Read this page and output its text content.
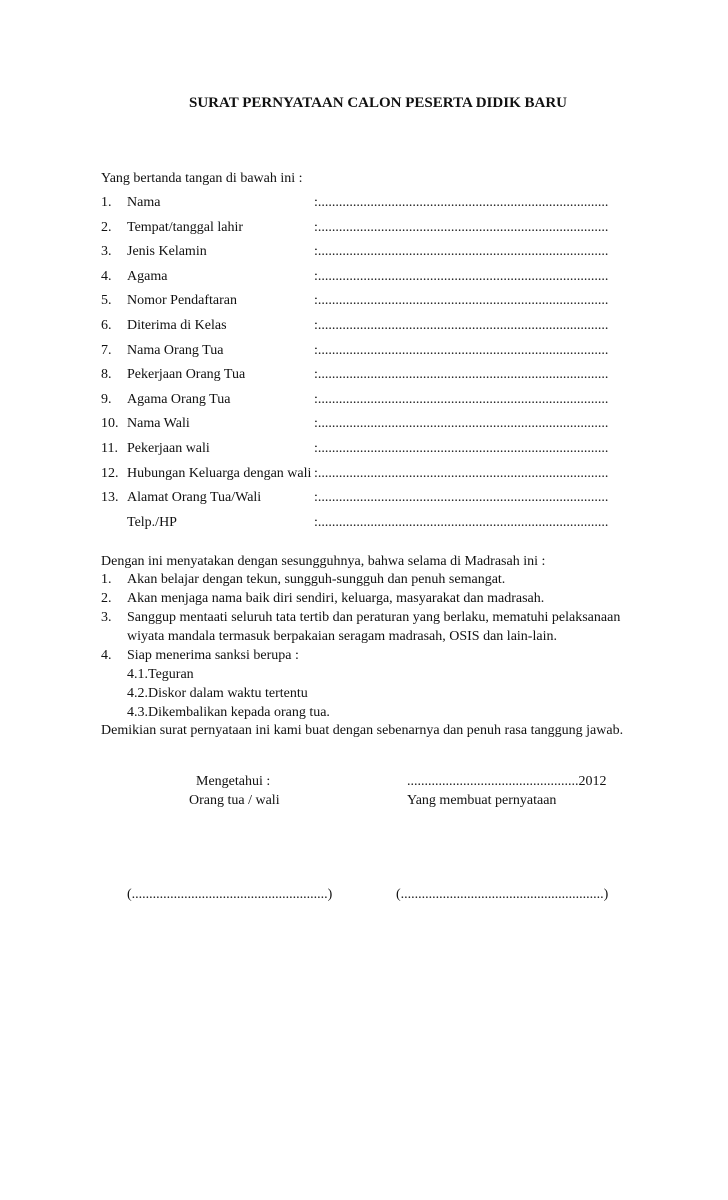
SURAT PERNYATAAN CALON PESERTA DIDIK BARU
Yang bertanda tangan di bawah ini :
1. Nama	:...................................................................................
2. Tempat/tanggal lahir	:...................................................................................
3. Jenis Kelamin	:...................................................................................
4. Agama	:...................................................................................
5. Nomor Pendaftaran	:...................................................................................
6. Diterima di Kelas	:...................................................................................
7. Nama Orang Tua	:...................................................................................
8. Pekerjaan Orang Tua	:...................................................................................
9. Agama Orang Tua	:...................................................................................
10. Nama Wali	:...................................................................................
11. Pekerjaan wali	:...................................................................................
12. Hubungan Keluarga dengan wali :...................................................................................
13. Alamat Orang Tua/Wali	:...................................................................................
Telp./HP	:...................................................................................
Dengan ini menyatakan dengan sesungguhnya, bahwa selama di Madrasah ini :
1. Akan belajar dengan tekun, sungguh-sungguh dan penuh semangat.
2. Akan menjaga nama baik diri sendiri, keluarga, masyarakat dan madrasah.
3. Sanggup mentaati seluruh tata tertib dan peraturan yang berlaku, mematuhi pelaksanaan
wiyata mandala termasuk berpakaian seragam madrasah, OSIS dan lain-lain.
4. Siap menerima sanksi berupa :
4.1.Teguran
4.2.Diskor dalam waktu tertentu
4.3.Dikembalikan kepada orang tua.
Demikian surat pernyataan ini kami buat dengan sebenarnya dan penuh rasa tanggung jawab.
Mengetahui :
Orang tua / wali
.................................................2012
Yang membuat pernyataan
(........................................................)	(..........................................................)
